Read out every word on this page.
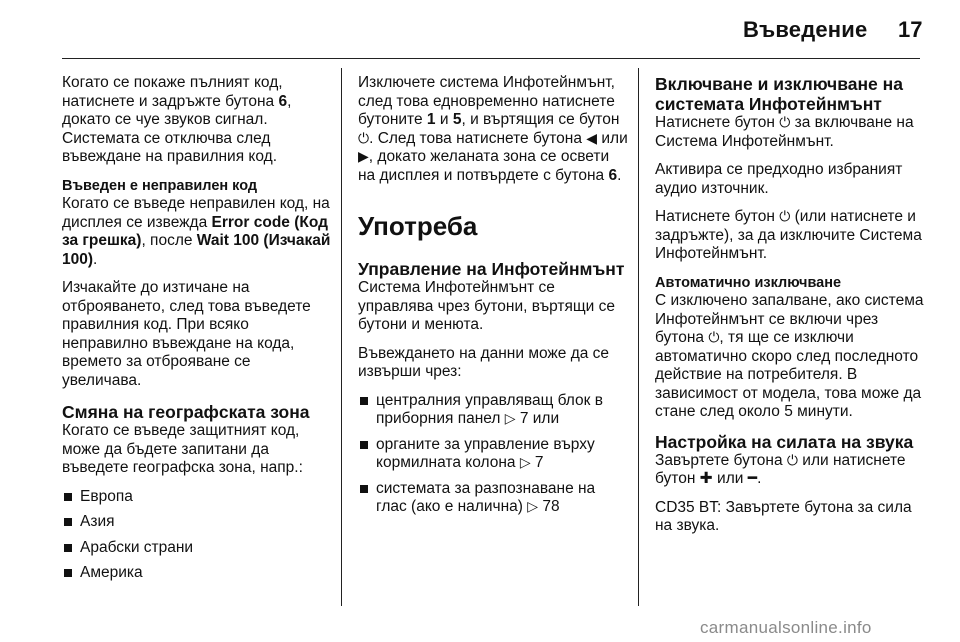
Въведение 17
Когато се покаже пълният код, натиснете и задръжте бутона 6, докато се чуе звуков сигнал. Системата се отключва след въвеждане на правилния код.
Въведен е неправилен код
Когато се въведе неправилен код, на дисплея се извежда Error code (Код за грешка), после Wait 100 (Изчакай 100).
Изчакайте до изтичане на отброяването, след това въведете правилния код. При всяко неправилно въвеждане на кода, времето за отброяване се увеличава.
Смяна на географската зона
Когато се въведе защитният код, може да бъдете запитани да въведете географска зона, напр.:
Европа
Азия
Арабски страни
Америка
Изключете система Инфотейнмънт, след това едновременно натиснете бутоните 1 и 5, и въртящия се бутон ⏻. След това натиснете бутона ◀ или ▶, докато желаната зона се освети на дисплея и потвърдете с бутона 6.
Употреба
Управление на Инфотейнмънт
Система Инфотейнмънт се управлява чрез бутони, въртящи се бутони и менюта.
Въвеждането на данни може да се извърши чрез:
централния управляващ блок в приборния панел ▷ 7 или
органите за управление върху кормилната колона ▷ 7
системата за разпознаване на глас (ако е налична) ▷ 78
Включване и изключване на системата Инфотейнмънт
Натиснете бутон ⏻ за включване на Система Инфотейнмънт.
Активира се предходно избраният аудио източник.
Натиснете бутон ⏻ (или натиснете и задръжте), за да изключите Система Инфотейнмънт.
Автоматично изключване
С изключено запалване, ако система Инфотейнмънт се включи чрез бутона ⏻, тя ще се изключи автоматично скоро след последното действие на потребителя. В зависимост от модела, това може да стане след около 5 минути.
Настройка на силата на звука
Завъртете бутона ⏻ или натиснете бутон ✚ или ━.
CD35 BT: Завъртете бутона за сила на звука.
carmanualsonline.info
